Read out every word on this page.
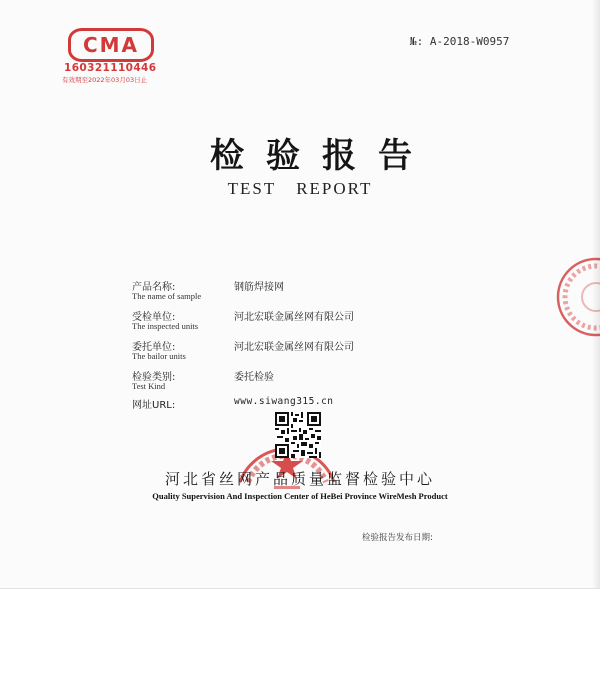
CMA
160321110446
有效期至2022年03月03日止
№: A-2018-W0957
检验报告
TEST REPORT
产品名称:
The name of sample
钢筋焊接网
受检单位:
The inspected units
河北宏联金属丝网有限公司
委托单位:
The bailor units
河北宏联金属丝网有限公司
检验类别:
Test Kind
委托检验
网址URL:	www.siwang315.cn
河北省丝网产品质量监督检验中心
Quality Supervision And Inspection Center of HeBei Province WireMesh Product
检验报告发布日期:
